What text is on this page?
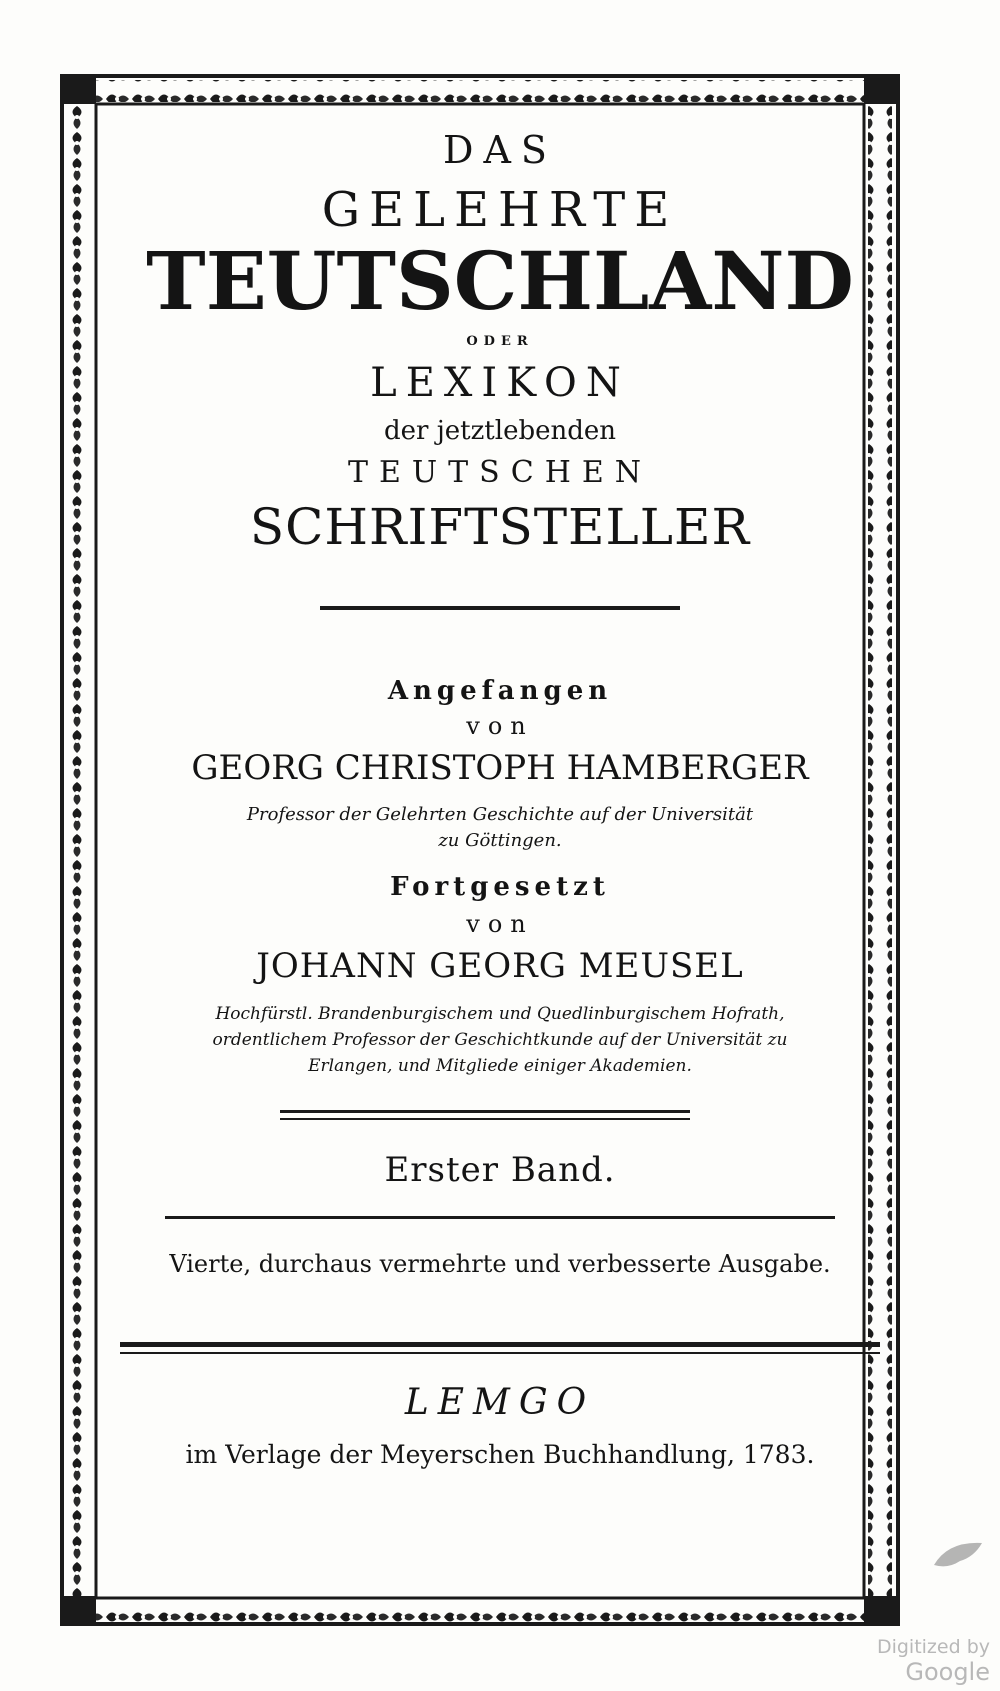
DAS
GELEHRTE
TEUTSCHLAND
ODER
LEXIKON
der jetztlebenden
TEUTSCHEN
SCHRIFTSTELLER
Angefangen
von
GEORG CHRISTOPH HAMBERGER
Professor der Gelehrten Geschichte auf der Universität
zu Göttingen.
Fortgesetzt
von
JOHANN GEORG MEUSEL
Hochfürstl. Brandenburgischem und Quedlinburgischem Hofrath,
ordentlichem Professor der Geschichtkunde auf der Universität zu
Erlangen, und Mitgliede einiger Akademien.
Erster Band.
Vierte, durchaus vermehrte und verbesserte Ausgabe.
LEMGO
im Verlage der Meyerschen Buchhandlung, 1783.
Digitized by Google
